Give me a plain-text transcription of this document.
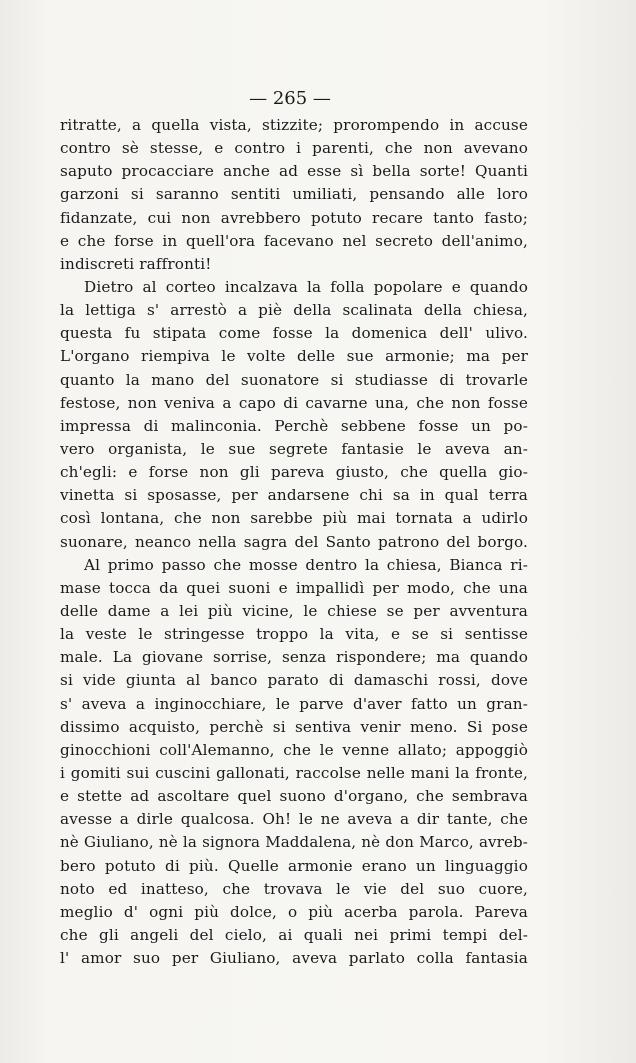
— 265 —
ritratte, a quella vista, stizzite; prorompendo in accuse
contro sè stesse, e contro i parenti, che non avevano
saputo procacciare anche ad esse sì bella sorte! Quanti
garzoni si saranno sentiti umiliati, pensando alle loro
fidanzate, cui non avrebbero potuto recare tanto fasto;
e che forse in quell'ora facevano nel secreto dell'animo,
indiscreti raffronti!
Dietro al corteo incalzava la folla popolare e quando
la lettiga s' arrestò a piè della scalinata della chiesa,
questa fu stipata come fosse la domenica dell' ulivo.
L'organo riempiva le volte delle sue armonie; ma per
quanto la mano del suonatore si studiasse di trovarle
festose, non veniva a capo di cavarne una, che non fosse
impressa di malinconia. Perchè sebbene fosse un po-
vero organista, le sue segrete fantasie le aveva an-
ch'egli: e forse non gli pareva giusto, che quella gio-
vinetta si sposasse, per andarsene chi sa in qual terra
così lontana, che non sarebbe più mai tornata a udirlo
suonare, neanco nella sagra del Santo patrono del borgo.
Al primo passo che mosse dentro la chiesa, Bianca ri-
mase tocca da quei suoni e impallidì per modo, che una
delle dame a lei più vicine, le chiese se per avventura
la veste le stringesse troppo la vita, e se si sentisse
male. La giovane sorrise, senza rispondere; ma quando
si vide giunta al banco parato di damaschi rossi, dove
s' aveva a inginocchiare, le parve d'aver fatto un gran-
dissimo acquisto, perchè si sentiva venir meno. Si pose
ginocchioni coll'Alemanno, che le venne allato; appoggiò
i gomiti sui cuscini gallonati, raccolse nelle mani la fronte,
e stette ad ascoltare quel suono d'organo, che sembrava
avesse a dirle qualcosa. Oh! le ne aveva a dir tante, che
nè Giuliano, nè la signora Maddalena, nè don Marco, avreb-
bero potuto di più. Quelle armonie erano un linguaggio
noto ed inatteso, che trovava le vie del suo cuore,
meglio d' ogni più dolce, o più acerba parola. Pareva
che gli angeli del cielo, ai quali nei primi tempi del-
l' amor suo per Giuliano, aveva parlato colla fantasia
